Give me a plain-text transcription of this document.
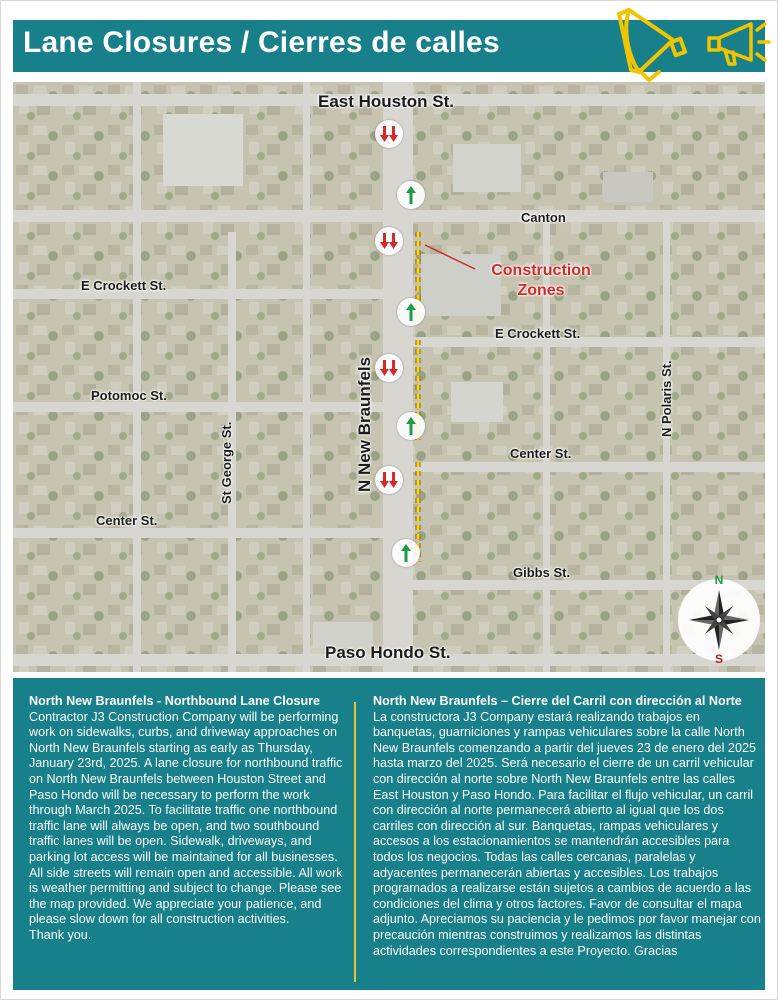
Lane Closures / Cierres de calles
East Houston St.
Canton
E Crockett St.
E Crockett St.
Potomoc St.
St George St.	N New Braunfels	N Polaris St.
Center St.
Center St.
Gibbs St.
Paso Hondo St.
Construction
Zones
N
S
North New Braunfels - Northbound Lane Closure

Contractor J3 Construction Company will be performing work on sidewalks, curbs, and driveway approaches on North New Braunfels starting as early as Thursday, January 23rd, 2025. A lane closure for northbound traffic on North New Braunfels between Houston Street and Paso Hondo will be necessary to perform the work through March 2025. To facilitate traffic one northbound traffic lane will always be open, and two southbound traffic lanes will be open. Sidewalk, driveways, and parking lot access will be maintained for all businesses. All side streets will remain open and accessible. All work is weather permitting and subject to change. Please see the map provided. We appreciate your patience, and please slow down for all construction activities.

Thank you.

North New Braunfels – Cierre del Carril con dirección al Norte

La constructora J3 Company estará realizando trabajos en banquetas, guarniciones y rampas vehiculares sobre la calle North New Braunfels comenzando a partir del jueves 23 de enero del 2025 hasta marzo del 2025. Será necesario el cierre de un carril vehicular con dirección al norte sobre North New Braunfels entre las calles East Houston y Paso Hondo. Para facilitar el flujo vehicular, un carril con dirección al norte permanecerá abierto al igual que los dos carriles con dirección al sur. Banquetas, rampas vehiculares y accesos a los estacionamientos se mantendrán accesibles para todos los negocios. Todas las calles cercanas, paralelas y adyacentes permanecerán abiertas y accesibles. Los trabajos programados a realizarse están sujetos a cambios de acuerdo a las condiciones del clima y otros factores. Favor de consultar el mapa adjunto. Apreciamos su paciencia y le pedimos por favor manejar con precaución mientras construimos y realizamos las distintas actividades correspondientes a este Proyecto. Gracias
